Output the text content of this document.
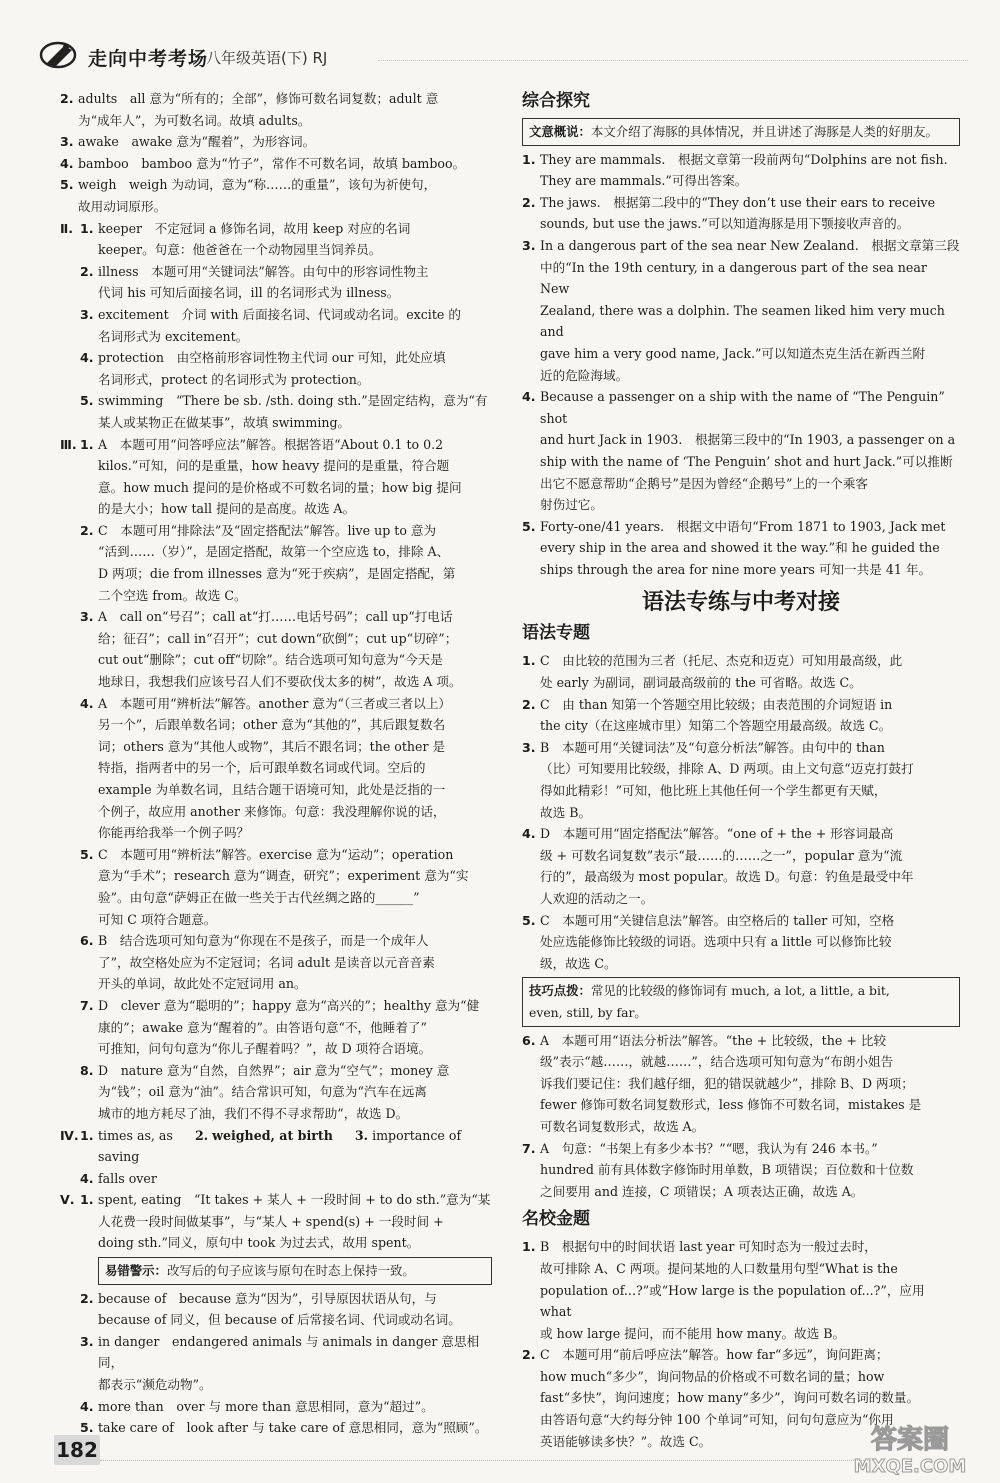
走向中考考场
八年级英语(下) RJ
2. adults　all 意为“所有的；全部”，修饰可数名词复数；adult 意
为“成年人”，为可数名词。故填 adults。
3. awake　awake 意为“醒着”，为形容词。
4. bamboo　bamboo 意为“竹子”，常作不可数名词，故填 bamboo。
5. weigh　weigh 为动词，意为“称……的重量”，该句为祈使句，
故用动词原形。
Ⅱ. 1. keeper　不定冠词 a 修饰名词，故用 keep 对应的名词
keeper。句意：他爸爸在一个动物园里当饲养员。
2. illness　本题可用“关键词法”解答。由句中的形容词性物主
代词 his 可知后面接名词，ill 的名词形式为 illness。
3. excitement　介词 with 后面接名词、代词或动名词。excite 的
名词形式为 excitement。
4. protection　由空格前形容词性物主代词 our 可知，此处应填
名词形式，protect 的名词形式为 protection。
5. swimming　“There be sb. /sth. doing sth.”是固定结构，意为“有
某人或某物正在做某事”，故填 swimming。
Ⅲ. 1. A　本题可用“问答呼应法”解答。根据答语“About 0.1 to 0.2
kilos.”可知，问的是重量，how heavy 提问的是重量，符合题
意。how much 提问的是价格或不可数名词的量；how big 提问
的是大小；how tall 提问的是高度。故选 A。
2. C　本题可用“排除法”及“固定搭配法”解答。live up to 意为
“活到……（岁）”，是固定搭配，故第一个空应选 to，排除 A、
D 两项；die from illnesses 意为“死于疾病”，是固定搭配，第
二个空选 from。故选 C。
3. A　call on“号召”；call at“打……电话号码”；call up“打电话
给；征召”；call in“召开”；cut down“砍倒”；cut up“切碎”；
cut out“删除”；cut off“切除”。结合选项可知句意为“今天是
地球日，我想我们应该号召人们不要砍伐太多的树”，故选 A 项。
4. A　本题可用“辨析法”解答。another 意为“（三者或三者以上）
另一个”，后跟单数名词；other 意为“其他的”，其后跟复数名
词；others 意为“其他人或物”，其后不跟名词；the other 是
特指，指两者中的另一个，后可跟单数名词或代词。空后的
example 为单数名词，且结合题干语境可知，此处是泛指的一
个例子，故应用 another 来修饰。句意：我没理解你说的话，
你能再给我举一个例子吗？
5. C　本题可用“辨析法”解答。exercise 意为“运动”；operation
意为“手术”；research 意为“调查，研究”；experiment 意为“实
验”。由句意“萨姆正在做一些关于古代丝绸之路的______”
可知 C 项符合题意。
6. B　结合选项可知句意为“你现在不是孩子，而是一个成年人
了”，故空格处应为不定冠词；名词 adult 是读音以元音音素
开头的单词，故此处不定冠词用 an。
7. D　clever 意为“聪明的”；happy 意为“高兴的”；healthy 意为“健
康的”；awake 意为“醒着的”。由答语句意“不，他睡着了”
可推知，问句句意为“你儿子醒着吗？”，故 D 项符合语境。
8. D　nature 意为“自然，自然界”；air 意为“空气”；money 意
为“钱”；oil 意为“油”。结合常识可知，句意为“汽车在远离
城市的地方耗尽了油，我们不得不寻求帮助”，故选 D。
Ⅳ. 1. times as, as 2. weighed, at birth 3. importance of saving
4. falls over
Ⅴ. 1. spent, eating　“It takes + 某人 + 一段时间 + to do sth.”意为“某
人花费一段时间做某事”，与“某人 + spend(s) + 一段时间 +
doing sth.”同义，原句中 took 为过去式，故用 spent。
易错警示：改写后的句子应该与原句在时态上保持一致。
2. because of　because 意为“因为”，引导原因状语从句，与
because of 同义，但 because of 后常接名词、代词或动名词。
3. in danger　endangered animals 与 animals in danger 意思相同，
都表示“濒危动物”。
4. more than　over 与 more than 意思相同，意为“超过”。
5. take care of　look after 与 take care of 意思相同，意为“照顾”。
综合探究
文意概说：本文介绍了海豚的具体情况，并且讲述了海豚是人类的好朋友。
1. They are mammals.　根据文章第一段前两句“Dolphins are not fish.
They are mammals.”可得出答案。
2. The jaws.　根据第二段中的“They don’t use their ears to receive
sounds, but use the jaws.”可以知道海豚是用下颚接收声音的。
3. In a dangerous part of the sea near New Zealand.　根据文章第三段
中的“In the 19th century, in a dangerous part of the sea near New
Zealand, there was a dolphin. The seamen liked him very much and
gave him a very good name, Jack.”可以知道杰克生活在新西兰附
近的危险海域。
4. Because a passenger on a ship with the name of “The Penguin” shot
and hurt Jack in 1903.　根据第三段中的“In 1903, a passenger on a
ship with the name of ‘The Penguin’ shot and hurt Jack.”可以推断
出它不愿意帮助“企鹅号”是因为曾经“企鹅号”上的一个乘客
射伤过它。
5. Forty-one/41 years.　根据文中语句“From 1871 to 1903, Jack met
every ship in the area and showed it the way.”和 he guided the
ships through the area for nine more years 可知一共是 41 年。
语法专练与中考对接
语法专题
1. C　由比较的范围为三者（托尼、杰克和迈克）可知用最高级，此
处 early 为副词，副词最高级前的 the 可省略。故选 C。
2. C　由 than 知第一个答题空用比较级；由表范围的介词短语 in
the city（在这座城市里）知第二个答题空用最高级。故选 C。
3. B　本题可用“关键词法”及“句意分析法”解答。由句中的 than
（比）可知要用比较级，排除 A、D 两项。由上文句意“迈克打鼓打
得如此精彩！”可知，他比班上其他任何一个学生都更有天赋，
故选 B。
4. D　本题可用“固定搭配法”解答。“one of + the + 形容词最高
级 + 可数名词复数”表示“最……的……之一”，popular 意为“流
行的”，最高级为 most popular。故选 D。句意：钓鱼是最受中年
人欢迎的活动之一。
5. C　本题可用“关键信息法”解答。由空格后的 taller 可知，空格
处应选能修饰比较级的词语。选项中只有 a little 可以修饰比较
级，故选 C。
技巧点拨：常见的比较级的修饰词有 much, a lot, a little, a bit,
even, still, by far。
6. A　本题可用“语法分析法”解答。“the + 比较级，the + 比较
级”表示“越……，就越……”，结合选项可知句意为“布朗小姐告
诉我们要记住：我们越仔细，犯的错误就越少”，排除 B、D 两项；
fewer 修饰可数名词复数形式，less 修饰不可数名词，mistakes 是
可数名词复数形式，故选 A。
7. A　句意：“书架上有多少本书？”“嗯，我认为有 246 本书。”
hundred 前有具体数字修饰时用单数，B 项错误；百位数和十位数
之间要用 and 连接，C 项错误；A 项表达正确，故选 A。
名校金题
1. B　根据句中的时间状语 last year 可知时态为一般过去时，
故可排除 A、C 两项。提问某地的人口数量用句型“What is the
population of...?”或“How large is the population of...?”，应用 what
或 how large 提问，而不能用 how many。故选 B。
2. C　本题可用“前后呼应法”解答。how far“多远”，询问距离；
how much“多少”，询问物品的价格或不可数名词的量；how
fast“多快”，询问速度；how many“多少”，询问可数名词的数量。
由答语句意“大约每分钟 100 个单词”可知，问句句意应为“你用
英语能够读多快？”。故选 C。
182	答案圈
MXQE.COM
